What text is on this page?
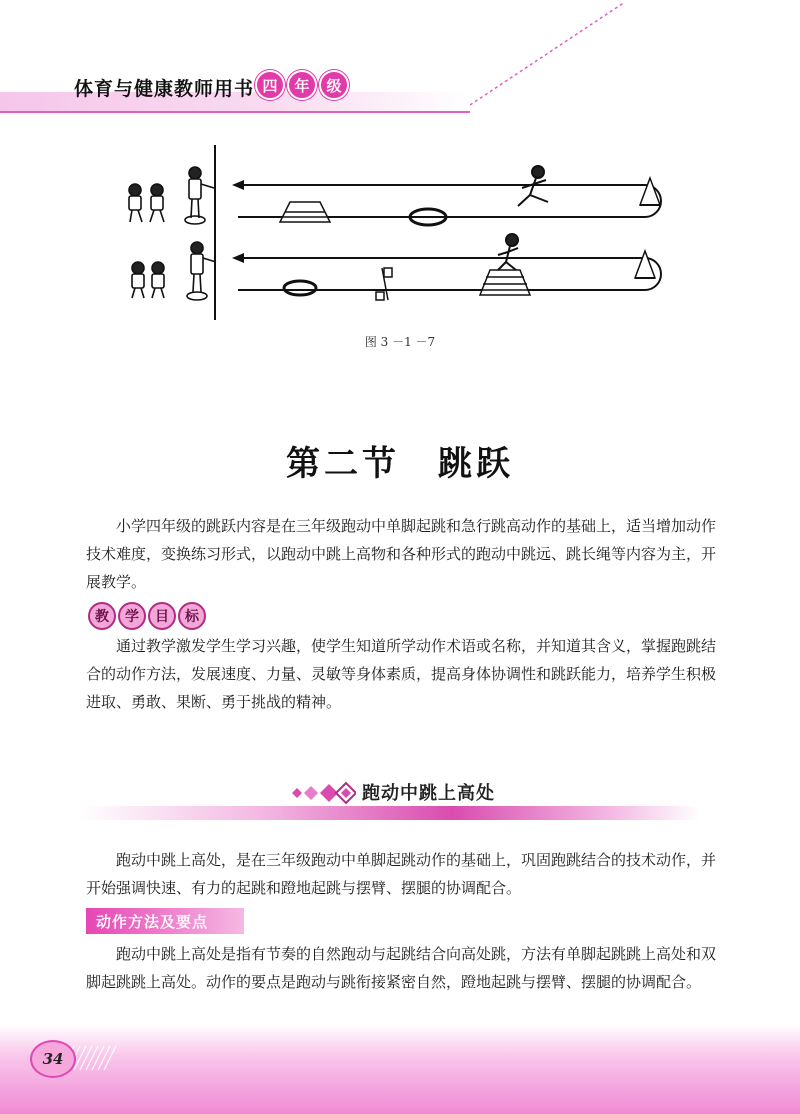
体育与健康教师用书 四	年	级
图 3 －1 －7
第二节　跳跃
小学四年级的跳跃内容是在三年级跑动中单脚起跳和急行跳高动作的基础上，适当增加动作技术难度，变换练习形式，以跑动中跳上高物和各种形式的跑动中跳远、跳长绳等内容为主，开展教学。
教	学	目	标
通过教学激发学生学习兴趣，使学生知道所学动作术语或名称，并知道其含义，掌握跑跳结合的动作方法，发展速度、力量、灵敏等身体素质，提高身体协调性和跳跃能力，培养学生积极进取、勇敢、果断、勇于挑战的精神。
跑动中跳上高处
跑动中跳上高处，是在三年级跑动中单脚起跳动作的基础上，巩固跑跳结合的技术动作，并开始强调快速、有力的起跳和蹬地起跳与摆臂、摆腿的协调配合。
动作方法及要点
跑动中跳上高处是指有节奏的自然跑动与起跳结合向高处跳，方法有单脚起跳跳上高处和双脚起跳跳上高处。动作的要点是跑动与跳衔接紧密自然，蹬地起跳与摆臂、摆腿的协调配合。
34
